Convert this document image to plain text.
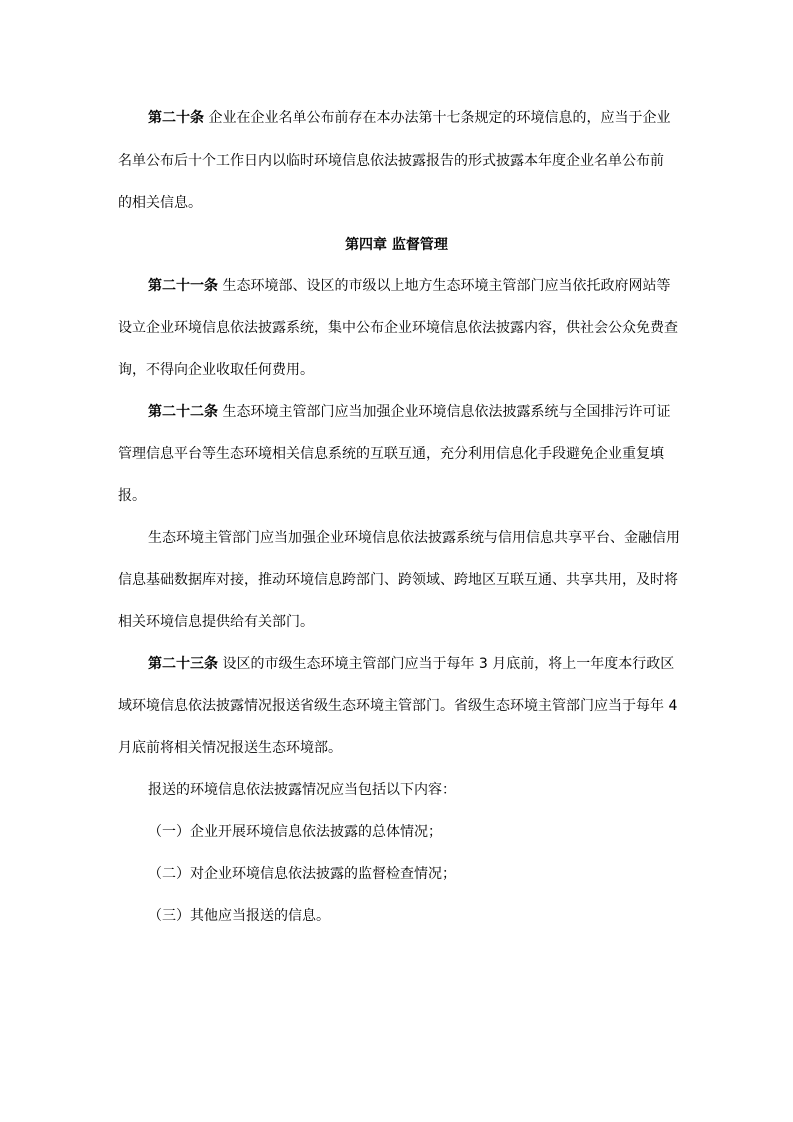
第二十条 企业在企业名单公布前存在本办法第十七条规定的环境信息的，应当于企业
名单公布后十个工作日内以临时环境信息依法披露报告的形式披露本年度企业名单公布前
的相关信息。
第四章 监督管理
第二十一条 生态环境部、设区的市级以上地方生态环境主管部门应当依托政府网站等
设立企业环境信息依法披露系统，集中公布企业环境信息依法披露内容，供社会公众免费查
询，不得向企业收取任何费用。
第二十二条 生态环境主管部门应当加强企业环境信息依法披露系统与全国排污许可证
管理信息平台等生态环境相关信息系统的互联互通，充分利用信息化手段避免企业重复填
报。
生态环境主管部门应当加强企业环境信息依法披露系统与信用信息共享平台、金融信用
信息基础数据库对接，推动环境信息跨部门、跨领域、跨地区互联互通、共享共用，及时将
相关环境信息提供给有关部门。
第二十三条 设区的市级生态环境主管部门应当于每年 3 月底前，将上一年度本行政区
域环境信息依法披露情况报送省级生态环境主管部门。省级生态环境主管部门应当于每年 4
月底前将相关情况报送生态环境部。
报送的环境信息依法披露情况应当包括以下内容：
（一）企业开展环境信息依法披露的总体情况；
（二）对企业环境信息依法披露的监督检查情况；
（三）其他应当报送的信息。
